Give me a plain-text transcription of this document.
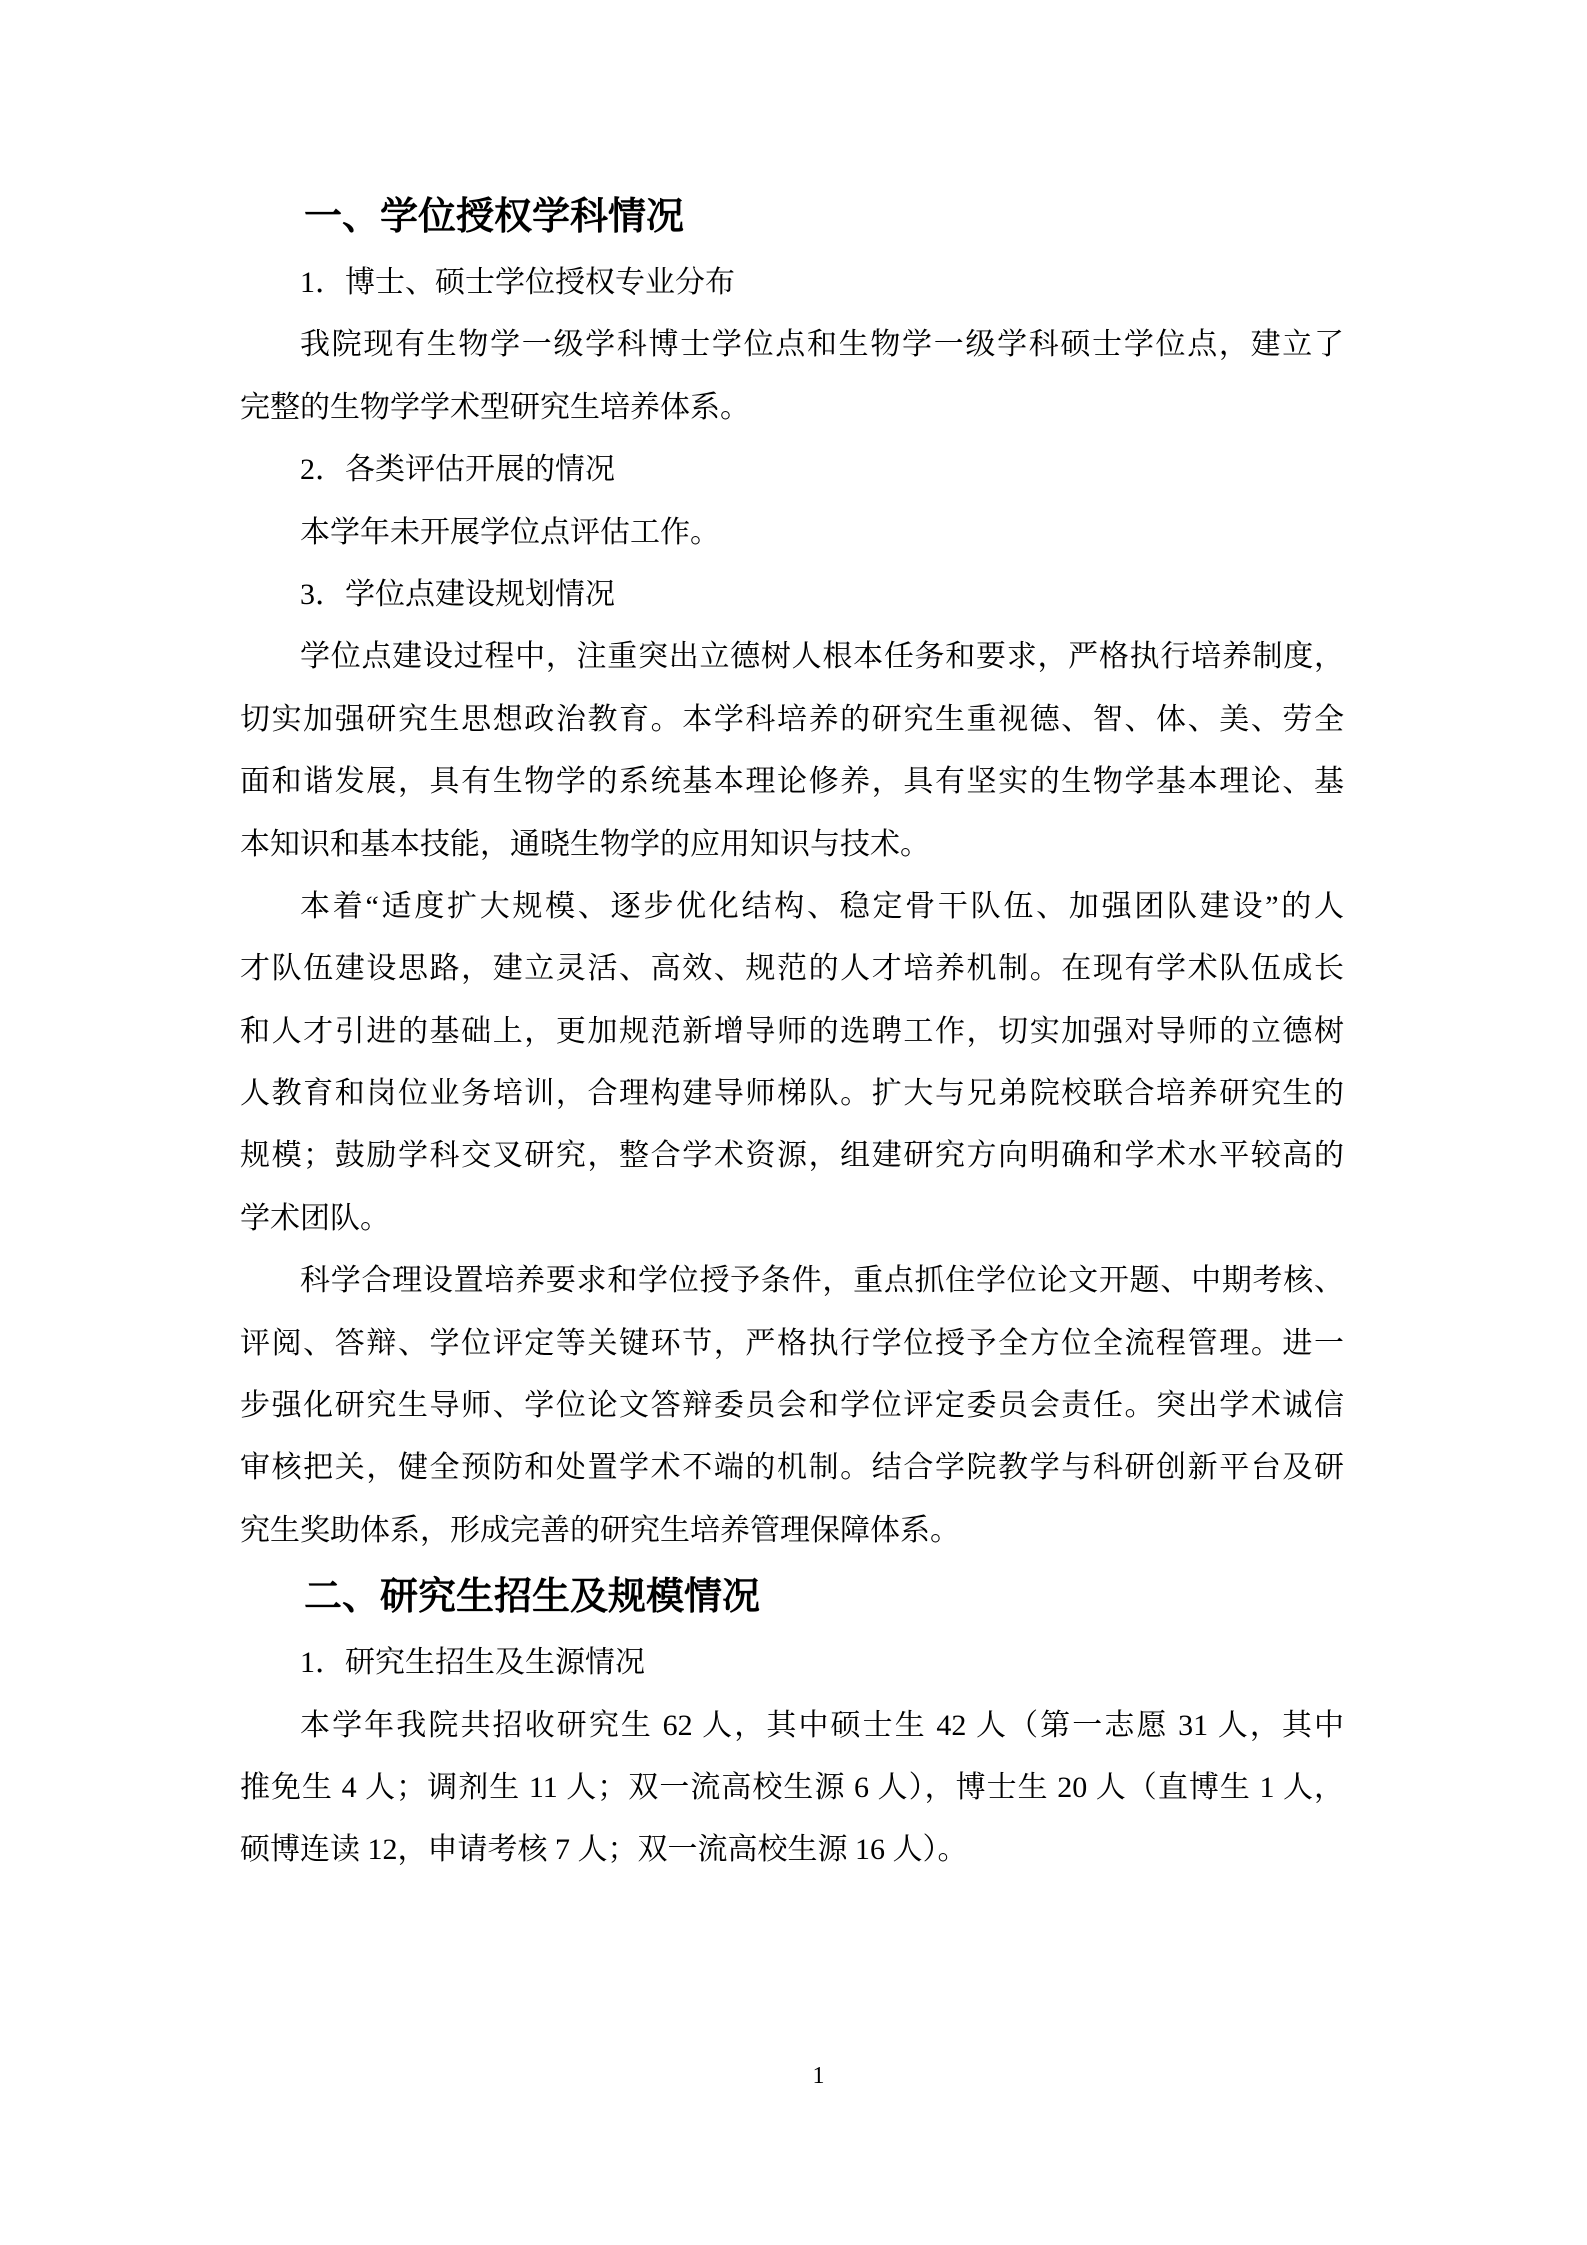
一、学位授权学科情况
1．博士、硕士学位授权专业分布
我院现有生物学一级学科博士学位点和生物学一级学科硕士学位点，建立了
完整的生物学学术型研究生培养体系。
2．各类评估开展的情况
本学年未开展学位点评估工作。
3．学位点建设规划情况
学位点建设过程中，注重突出立德树人根本任务和要求，严格执行培养制度，
切实加强研究生思想政治教育。本学科培养的研究生重视德、智、体、美、劳全
面和谐发展，具有生物学的系统基本理论修养，具有坚实的生物学基本理论、基
本知识和基本技能，通晓生物学的应用知识与技术。
本着“适度扩大规模、逐步优化结构、稳定骨干队伍、加强团队建设”的人
才队伍建设思路，建立灵活、高效、规范的人才培养机制。在现有学术队伍成长
和人才引进的基础上，更加规范新增导师的选聘工作，切实加强对导师的立德树
人教育和岗位业务培训，合理构建导师梯队。扩大与兄弟院校联合培养研究生的
规模；鼓励学科交叉研究，整合学术资源，组建研究方向明确和学术水平较高的
学术团队。
科学合理设置培养要求和学位授予条件，重点抓住学位论文开题、中期考核、
评阅、答辩、学位评定等关键环节，严格执行学位授予全方位全流程管理。进一
步强化研究生导师、学位论文答辩委员会和学位评定委员会责任。突出学术诚信
审核把关，健全预防和处置学术不端的机制。结合学院教学与科研创新平台及研
究生奖助体系，形成完善的研究生培养管理保障体系。
二、研究生招生及规模情况
1．研究生招生及生源情况
本学年我院共招收研究生 62 人，其中硕士生 42 人（第一志愿 31 人，其中
推免生 4 人；调剂生 11 人；双一流高校生源 6 人），博士生 20 人（直博生 1 人，
硕博连读 12，申请考核 7 人；双一流高校生源 16 人）。
1
